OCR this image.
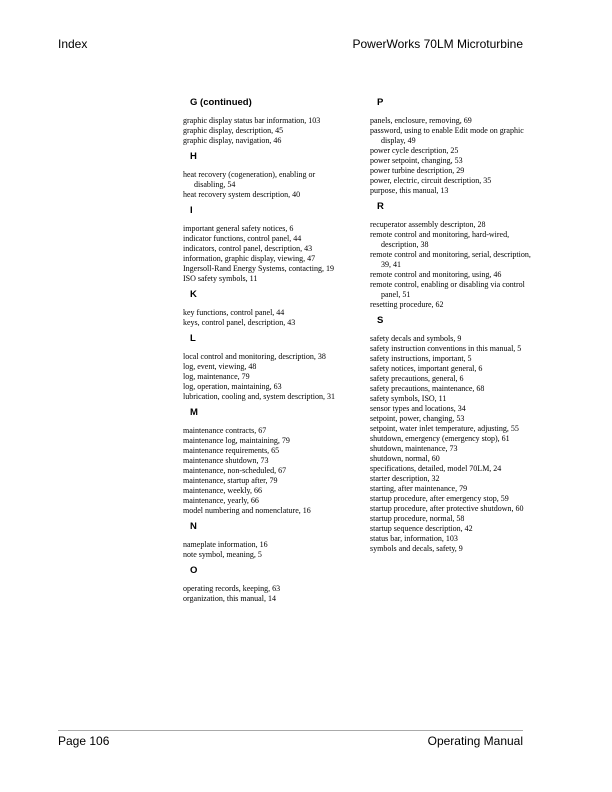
Index	PowerWorks 70LM Microturbine
G (continued)
graphic display status bar information, 103
graphic display, description, 45
graphic display, navigation, 46
H
heat recovery (cogeneration), enabling or disabling, 54
heat recovery system description, 40
I
important general safety notices, 6
indicator functions, control panel, 44
indicators, control panel, description, 43
information, graphic display, viewing, 47
Ingersoll-Rand Energy Systems, contacting, 19
ISO safety symbols, 11
K
key functions, control panel, 44
keys, control panel, description, 43
L
local control and monitoring, description, 38
log, event, viewing, 48
log, maintenance, 79
log, operation, maintaining, 63
lubrication, cooling and, system description, 31
M
maintenance contracts, 67
maintenance log, maintaining, 79
maintenance requirements, 65
maintenance shutdown, 73
maintenance, non-scheduled, 67
maintenance, startup after, 79
maintenance, weekly, 66
maintenance, yearly, 66
model numbering and nomenclature, 16
N
nameplate information, 16
note symbol, meaning, 5
O
operating records, keeping, 63
organization, this manual, 14
P
panels, enclosure, removing, 69
password, using to enable Edit mode on graphic display, 49
power cycle description, 25
power setpoint, changing, 53
power turbine description, 29
power, electric, circuit description, 35
purpose, this manual, 13
R
recuperator assembly descripton, 28
remote control and monitoring, hard-wired, description, 38
remote control and monitoring, serial, description, 39, 41
remote control and monitoring, using, 46
remote control, enabling or disabling via control panel, 51
resetting procedure, 62
S
safety decals and symbols, 9
safety instruction conventions in this manual, 5
safety instructions, important, 5
safety notices, important general, 6
safety precautions, general, 6
safety precautions, maintenance, 68
safety symbols, ISO, 11
sensor types and locations, 34
setpoint, power, changing, 53
setpoint, water inlet temperature, adjusting, 55
shutdown, emergency (emergency stop), 61
shutdown, maintenance, 73
shutdown, normal, 60
specifications, detailed, model 70LM, 24
starter description, 32
starting, after maintenance, 79
startup procedure, after emergency stop, 59
startup procedure, after protective shutdown, 60
startup procedure, normal, 58
startup sequence description, 42
status bar, information, 103
symbols and decals, safety, 9
Page 106	Operating Manual
